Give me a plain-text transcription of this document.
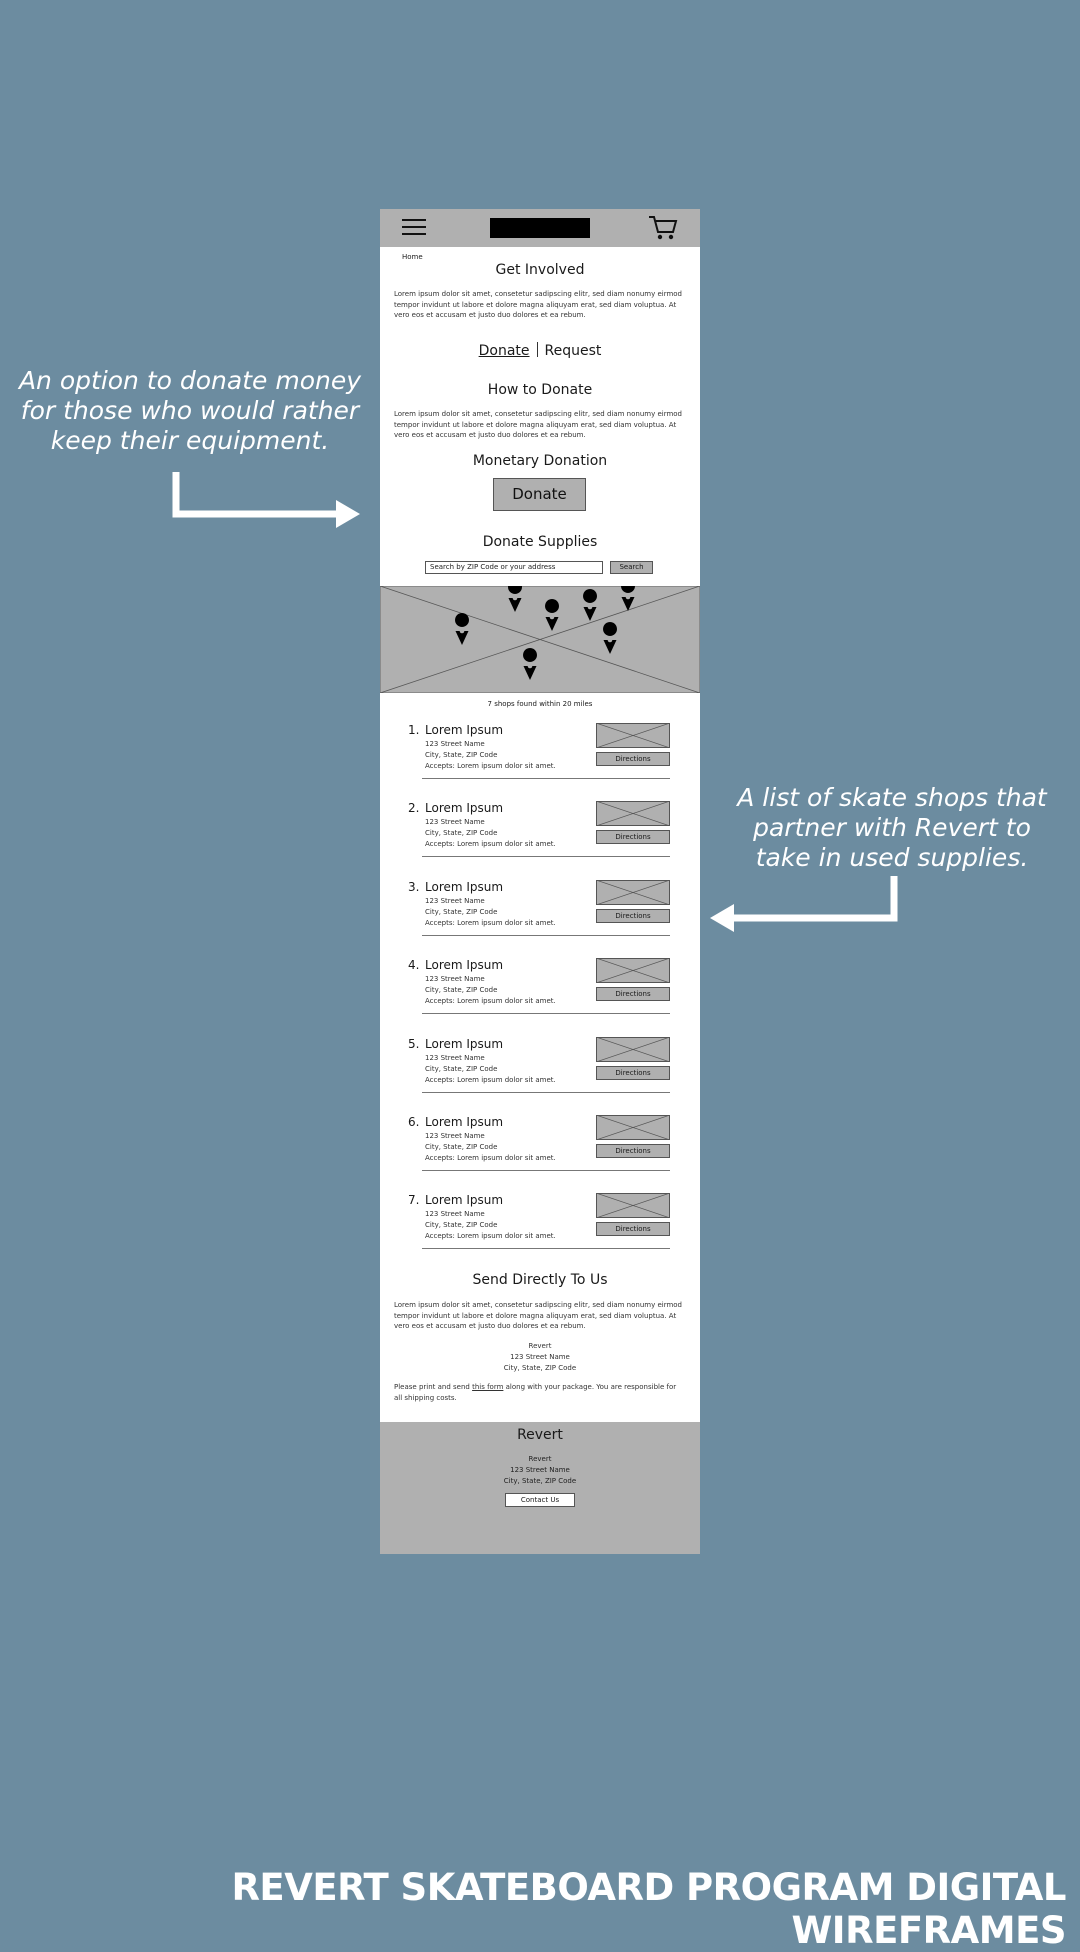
An option to donate money for those who would rather keep their equipment.
A list of skate shops that partner with Revert to take in used supplies.
REVERT SKATEBOARD PROGRAM DIGITAL WIREFRAMES
Home
Get Involved
Lorem ipsum dolor sit amet, consetetur sadipscing elitr, sed diam nonumy eirmod tempor invidunt ut labore et dolore magna aliquyam erat, sed diam voluptua. At vero eos et accusam et justo duo dolores et ea rebum.
Donate Request
How to Donate
Lorem ipsum dolor sit amet, consetetur sadipscing elitr, sed diam nonumy eirmod tempor invidunt ut labore et dolore magna aliquyam erat, sed diam voluptua. At vero eos et accusam et justo duo dolores et ea rebum.
Monetary Donation
Donate
Donate Supplies
Search by ZIP Code or your address	Search
7 shops found within 20 miles
1. Lorem Ipsum
123 Street Name
City, State, ZIP Code
Accepts: Lorem ipsum dolor sit amet.
Directions
2. Lorem Ipsum
123 Street Name
City, State, ZIP Code
Accepts: Lorem ipsum dolor sit amet.
Directions
3. Lorem Ipsum
123 Street Name
City, State, ZIP Code
Accepts: Lorem ipsum dolor sit amet.
Directions
4. Lorem Ipsum
123 Street Name
City, State, ZIP Code
Accepts: Lorem ipsum dolor sit amet.
Directions
5. Lorem Ipsum
123 Street Name
City, State, ZIP Code
Accepts: Lorem ipsum dolor sit amet.
Directions
6. Lorem Ipsum
123 Street Name
City, State, ZIP Code
Accepts: Lorem ipsum dolor sit amet.
Directions
7. Lorem Ipsum
123 Street Name
City, State, ZIP Code
Accepts: Lorem ipsum dolor sit amet.
Directions
Send Directly To Us
Lorem ipsum dolor sit amet, consetetur sadipscing elitr, sed diam nonumy eirmod tempor invidunt ut labore et dolore magna aliquyam erat, sed diam voluptua. At vero eos et accusam et justo duo dolores et ea rebum.
Revert
123 Street Name
City, State, ZIP Code
Please print and send this form along with your package. You are responsible for all shipping costs.
Revert
Revert
123 Street Name
City, State, ZIP Code
Contact Us
